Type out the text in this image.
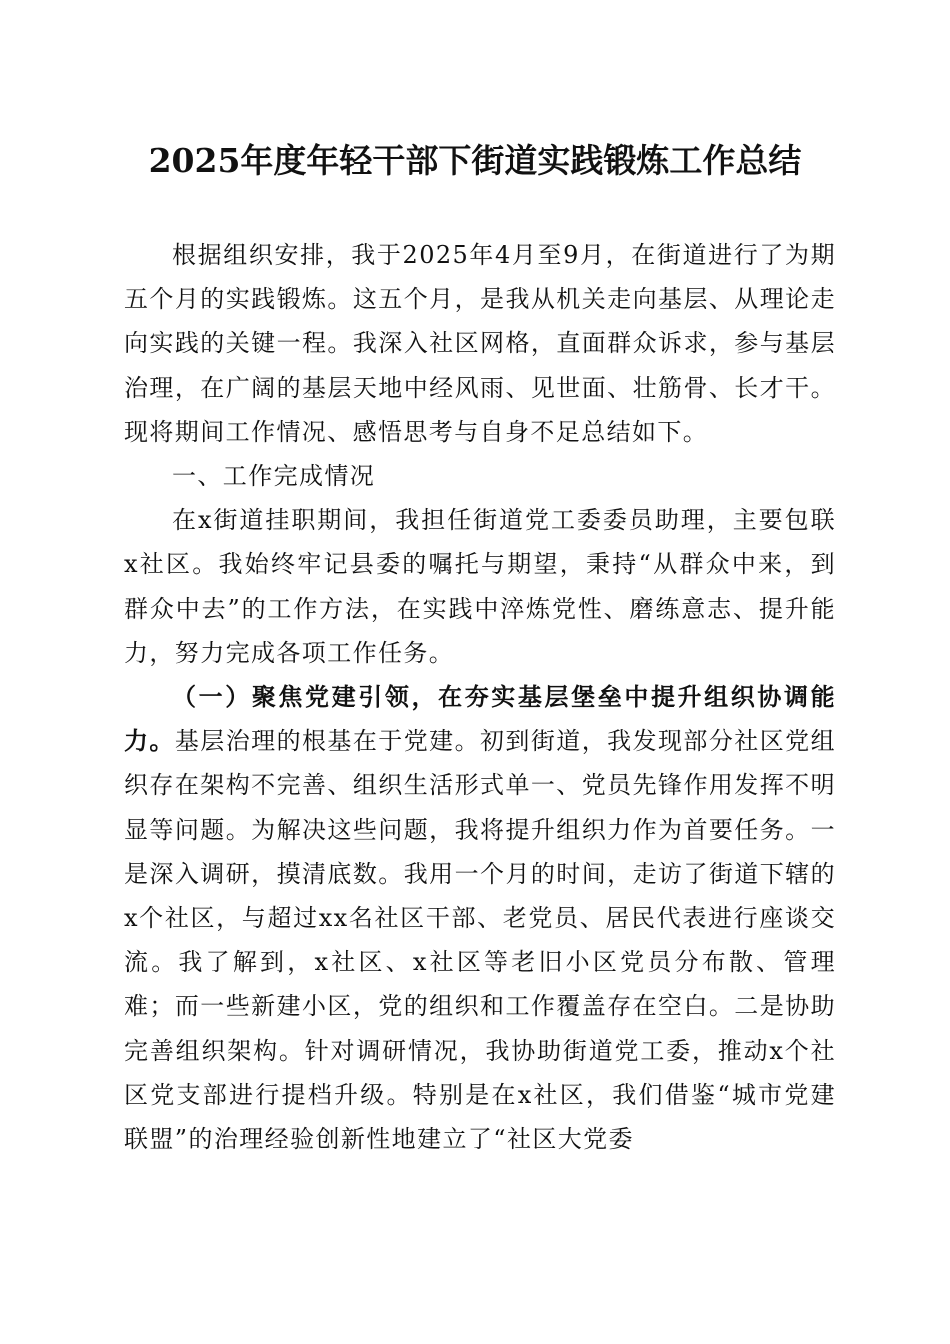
2025年度年轻干部下街道实践锻炼工作总结

根据组织安排，我于2025年4月至9月，在街道进行了为期五个月的实践锻炼。这五个月，是我从机关走向基层、从理论走向实践的关键一程。我深入社区网格，直面群众诉求，参与基层治理，在广阔的基层天地中经风雨、见世面、壮筋骨、长才干。现将期间工作情况、感悟思考与自身不足总结如下。

一、工作完成情况

在x街道挂职期间，我担任街道党工委委员助理，主要包联x社区。我始终牢记县委的嘱托与期望，秉持“从群众中来，到群众中去”的工作方法，在实践中淬炼党性、磨练意志、提升能力，努力完成各项工作任务。

（一）聚焦党建引领，在夯实基层堡垒中提升组织协调能力。基层治理的根基在于党建。初到街道，我发现部分社区党组织存在架构不完善、组织生活形式单一、党员先锋作用发挥不明显等问题。为解决这些问题，我将提升组织力作为首要任务。一是深入调研，摸清底数。我用一个月的时间，走访了街道下辖的x个社区，与超过xx名社区干部、老党员、居民代表进行座谈交流。我了解到，x社区、x社区等老旧小区党员分布散、管理难；而一些新建小区，党的组织和工作覆盖存在空白。二是协助完善组织架构。针对调研情况，我协助街道党工委，推动x个社区党支部进行提档升级。特别是在x社区，我们借鉴“城市党建联盟”的治理经验创新性地建立了“社区大党委
